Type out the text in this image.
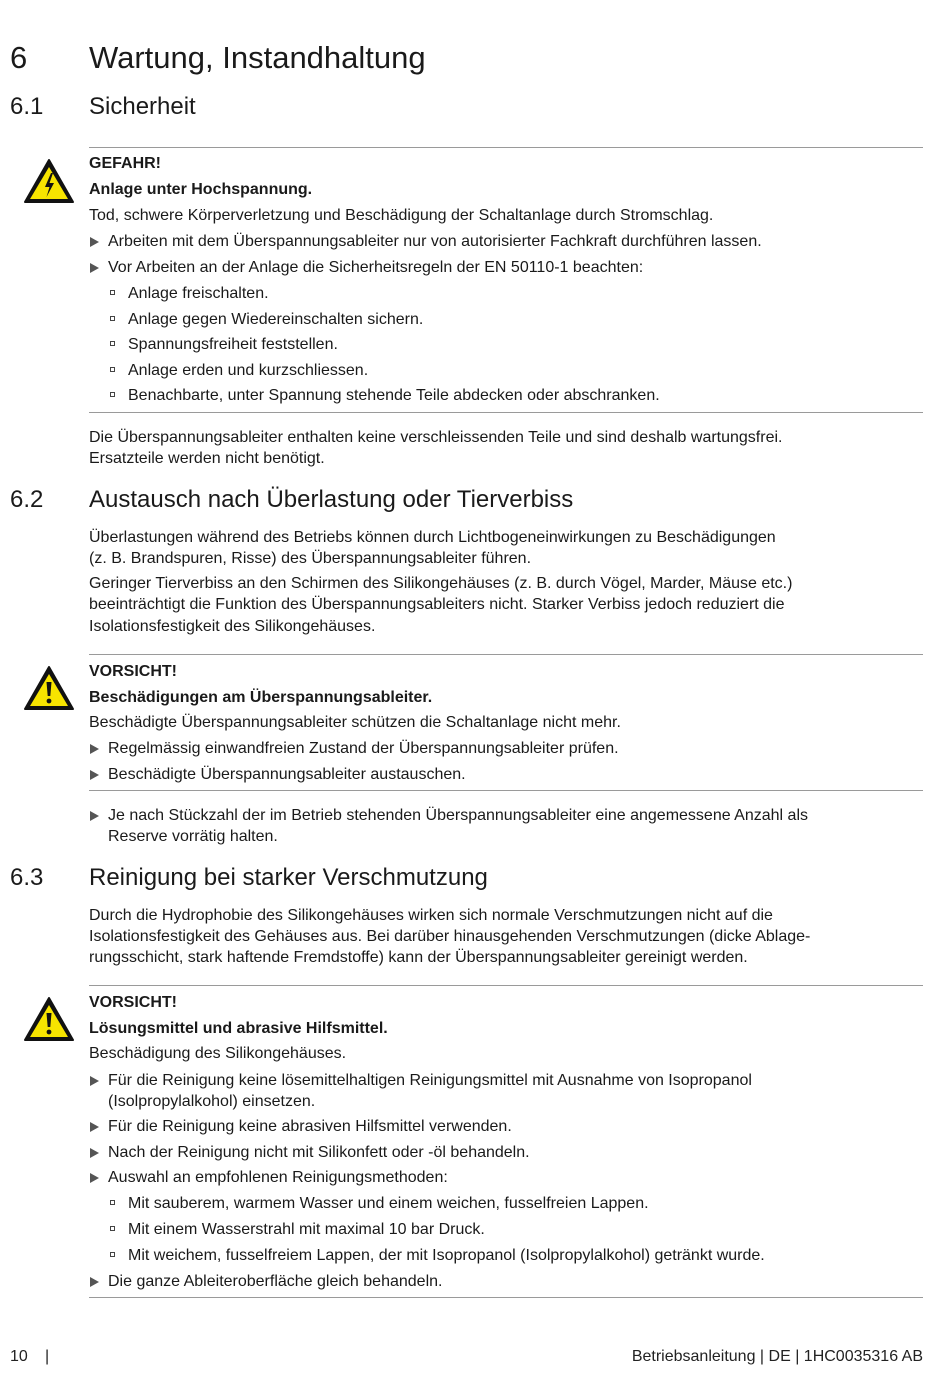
6 Wartung, Instandhaltung
6.1 Sicherheit
GEFAHR!
Anlage unter Hochspannung.
Tod, schwere Körperverletzung und Beschädigung der Schaltanlage durch Stromschlag.
Arbeiten mit dem Überspannungsableiter nur von autorisierter Fachkraft durchführen lassen.
Vor Arbeiten an der Anlage die Sicherheitsregeln der EN 50110-1 beachten:
Anlage freischalten.
Anlage gegen Wiedereinschalten sichern.
Spannungsfreiheit feststellen.
Anlage erden und kurzschliessen.
Benachbarte, unter Spannung stehende Teile abdecken oder abschranken.
Die Überspannungsableiter enthalten keine verschleissenden Teile und sind deshalb wartungsfrei.
Ersatzteile werden nicht benötigt.
6.2 Austausch nach Überlastung oder Tierverbiss
Überlastungen während des Betriebs können durch Lichtbogeneinwirkungen zu Beschädigungen
(z. B. Brandspuren, Risse) des Überspannungsableiter führen.
Geringer Tierverbiss an den Schirmen des Silikongehäuses (z. B. durch Vögel, Marder, Mäuse etc.)
beeinträchtigt die Funktion des Überspannungsableiters nicht. Starker Verbiss jedoch reduziert die
Isolationsfestigkeit des Silikongehäuses.
VORSICHT!
Beschädigungen am Überspannungsableiter.
Beschädigte Überspannungsableiter schützen die Schaltanlage nicht mehr.
Regelmässig einwandfreien Zustand der Überspannungsableiter prüfen.
Beschädigte Überspannungsableiter austauschen.
Je nach Stückzahl der im Betrieb stehenden Überspannungsableiter eine angemessene Anzahl als
Reserve vorrätig halten.
6.3 Reinigung bei starker Verschmutzung
Durch die Hydrophobie des Silikongehäuses wirken sich normale Verschmutzungen nicht auf die
Isolationsfestigkeit des Gehäuses aus. Bei darüber hinausgehenden Verschmutzungen (dicke Ablage-
rungsschicht, stark haftende Fremdstoffe) kann der Überspannungsableiter gereinigt werden.
VORSICHT!
Lösungsmittel und abrasive Hilfsmittel.
Beschädigung des Silikongehäuses.
Für die Reinigung keine lösemittelhaltigen Reinigungsmittel mit Ausnahme von Isopropanol
(Isolpropylalkohol) einsetzen.
Für die Reinigung keine abrasiven Hilfsmittel verwenden.
Nach der Reinigung nicht mit Silikonfett oder -öl behandeln.
Auswahl an empfohlenen Reinigungsmethoden:
Mit sauberem, warmem Wasser und einem weichen, fusselfreien Lappen.
Mit einem Wasserstrahl mit maximal 10 bar Druck.
Mit weichem, fusselfreiem Lappen, der mit Isopropanol (Isolpropylalkohol) getränkt wurde.
Die ganze Ableiteroberfläche gleich behandeln.
10 |	Betriebsanleitung | DE | 1HC0035316 AB
